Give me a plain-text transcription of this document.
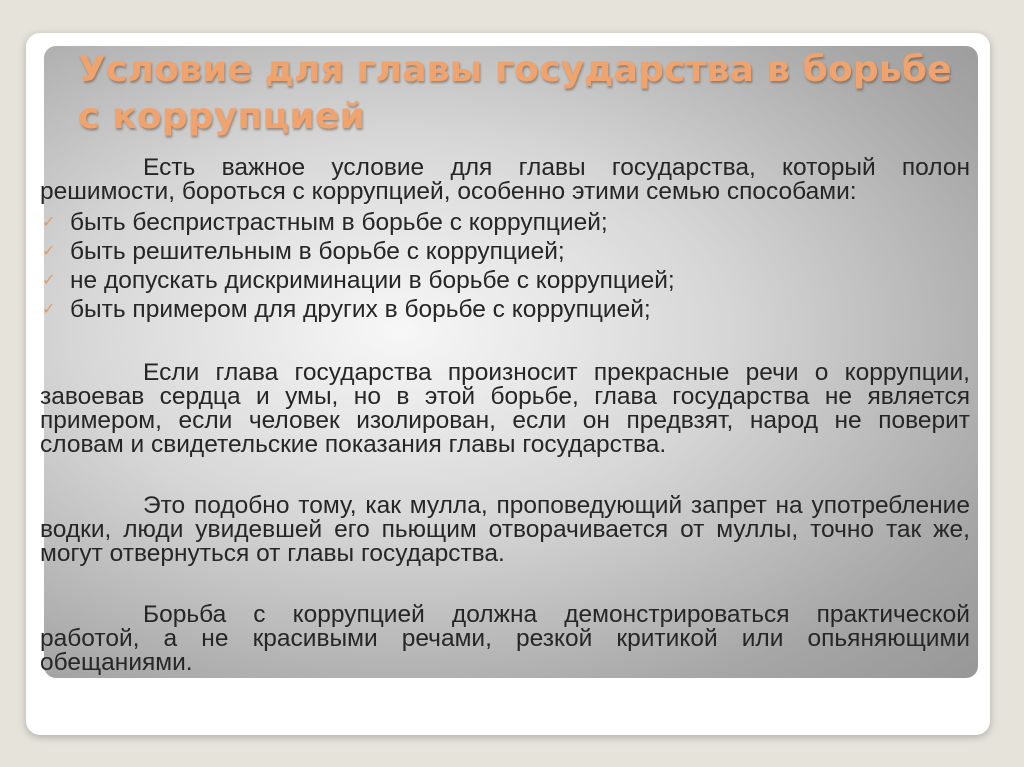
Условие для главы государства в борьбе с коррупцией

Есть важное условие для главы государства, который полон решимости, бороться с коррупцией, особенно этими семью способами:

✓ быть беспристрастным в борьбе с коррупцией;
✓ быть решительным в борьбе с коррупцией;
✓ не допускать дискриминации в борьбе с коррупцией;
✓ быть примером для других в борьбе с коррупцией;

Если глава государства произносит прекрасные речи о коррупции, завоевав сердца и умы, но в этой борьбе, глава государства не является примером, если человек изолирован, если он предвзят, народ не поверит словам и свидетельские показания главы государства.

Это подобно тому, как мулла, проповедующий запрет на употребление водки, люди увидевшей его пьющим отворачивается от муллы, точно так же, могут отвернуться от главы государства.

Борьба с коррупцией должна демонстрироваться практической работой, а не красивыми речами, резкой критикой или опьяняющими обещаниями.
